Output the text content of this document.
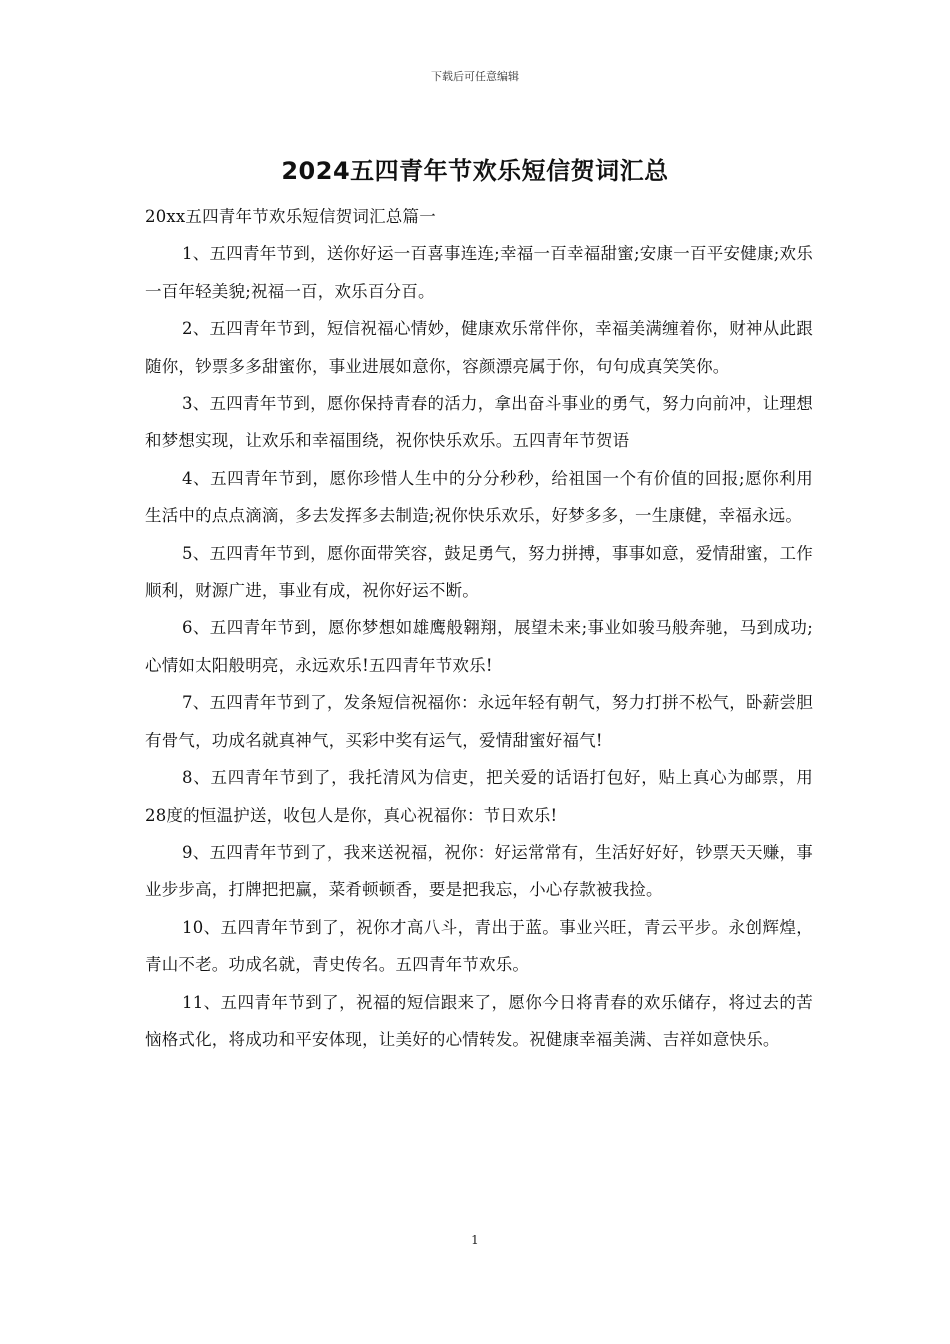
下载后可任意编辑
2024五四青年节欢乐短信贺词汇总

20xx五四青年节欢乐短信贺词汇总篇一

1、五四青年节到，送你好运一百喜事连连;幸福一百幸福甜蜜;安康一百平安健康;欢乐一百年轻美貌;祝福一百，欢乐百分百。

2、五四青年节到，短信祝福心情妙，健康欢乐常伴你，幸福美满缠着你，财神从此跟随你，钞票多多甜蜜你，事业进展如意你，容颜漂亮属于你，句句成真笑笑你。

3、五四青年节到，愿你保持青春的活力，拿出奋斗事业的勇气，努力向前冲，让理想和梦想实现，让欢乐和幸福围绕，祝你快乐欢乐。五四青年节贺语

4、五四青年节到，愿你珍惜人生中的分分秒秒，给祖国一个有价值的回报;愿你利用生活中的点点滴滴，多去发挥多去制造;祝你快乐欢乐，好梦多多，一生康健，幸福永远。

5、五四青年节到，愿你面带笑容，鼓足勇气，努力拼搏，事事如意，爱情甜蜜，工作顺利，财源广进，事业有成，祝你好运不断。

6、五四青年节到，愿你梦想如雄鹰般翱翔，展望未来;事业如骏马般奔驰，马到成功;心情如太阳般明亮，永远欢乐!五四青年节欢乐!

7、五四青年节到了，发条短信祝福你：永远年轻有朝气，努力打拼不松气，卧薪尝胆有骨气，功成名就真神气，买彩中奖有运气，爱情甜蜜好福气!

8、五四青年节到了，我托清风为信吏，把关爱的话语打包好，贴上真心为邮票，用28度的恒温护送，收包人是你，真心祝福你：节日欢乐!

9、五四青年节到了，我来送祝福，祝你：好运常常有，生活好好好，钞票天天赚，事业步步高，打牌把把赢，菜肴顿顿香，要是把我忘，小心存款被我捡。

10、五四青年节到了，祝你才高八斗，青出于蓝。事业兴旺，青云平步。永创辉煌，青山不老。功成名就，青史传名。五四青年节欢乐。

11、五四青年节到了，祝福的短信跟来了，愿你今日将青春的欢乐储存，将过去的苦恼格式化，将成功和平安体现，让美好的心情转发。祝健康幸福美满、吉祥如意快乐。

1
